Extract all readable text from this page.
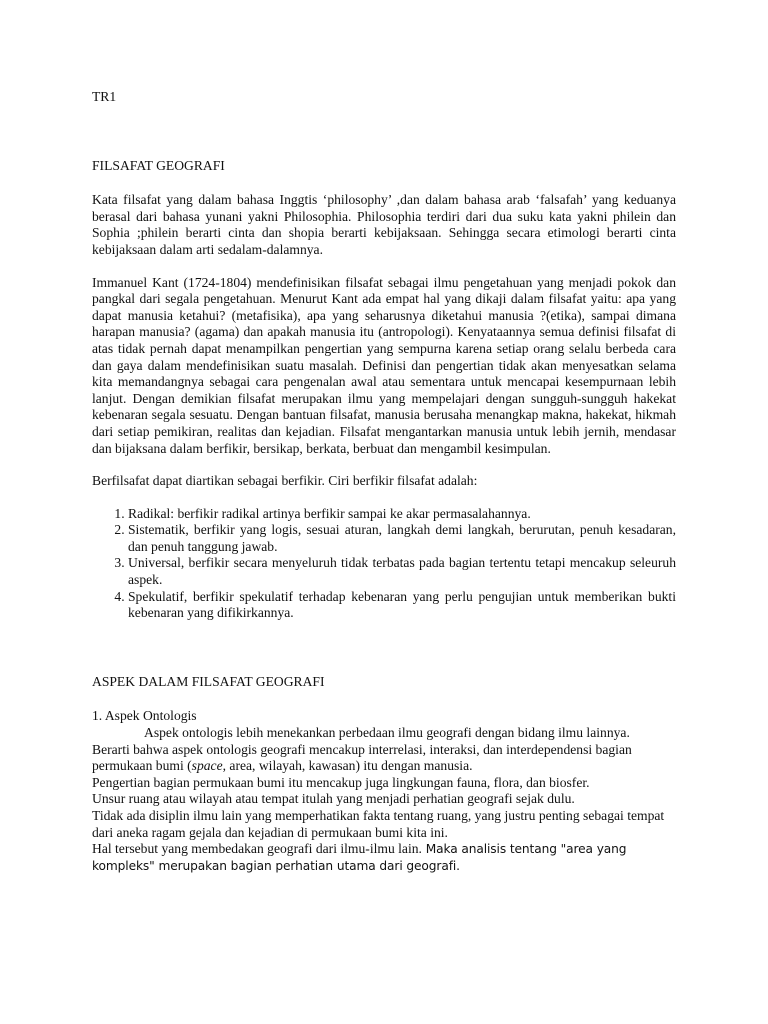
TR1

FILSAFAT GEOGRAFI

Kata filsafat yang dalam bahasa Inggtis ‘philosophy’ ,dan dalam bahasa arab ‘falsafah’ yang keduanya berasal dari bahasa yunani yakni Philosophia. Philosophia terdiri dari dua suku kata yakni philein dan Sophia ;philein berarti cinta dan shopia berarti kebijaksaan. Sehingga secara etimologi berarti cinta kebijaksaan dalam arti sedalam-dalamnya.

Immanuel Kant (1724-1804) mendefinisikan filsafat sebagai ilmu pengetahuan yang menjadi pokok dan pangkal dari segala pengetahuan. Menurut Kant ada empat hal yang dikaji dalam filsafat yaitu: apa yang dapat manusia ketahui? (metafisika), apa yang seharusnya diketahui manusia ?(etika), sampai dimana harapan manusia? (agama) dan apakah manusia itu (antropologi). Kenyataannya semua definisi filsafat di atas tidak pernah dapat menampilkan pengertian yang sempurna karena setiap orang selalu berbeda cara dan gaya dalam mendefinisikan suatu masalah. Definisi dan pengertian tidak akan menyesatkan selama kita memandangnya sebagai cara pengenalan awal atau sementara untuk mencapai kesempurnaan lebih lanjut. Dengan demikian filsafat merupakan ilmu yang mempelajari dengan sungguh-sungguh hakekat kebenaran segala sesuatu. Dengan bantuan filsafat, manusia berusaha menangkap makna, hakekat, hikmah dari setiap pemikiran, realitas dan kejadian. Filsafat mengantarkan manusia untuk lebih jernih, mendasar dan bijaksana dalam berfikir, bersikap, berkata, berbuat dan mengambil kesimpulan.

Berfilsafat dapat diartikan sebagai berfikir. Ciri berfikir filsafat adalah:

1. Radikal: berfikir radikal artinya berfikir sampai ke akar permasalahannya.
2. Sistematik, berfikir yang logis, sesuai aturan, langkah demi langkah, berurutan, penuh kesadaran, dan penuh tanggung jawab.
3. Universal, berfikir secara menyeluruh tidak terbatas pada bagian tertentu tetapi mencakup seleuruh aspek.
4. Spekulatif, berfikir spekulatif terhadap kebenaran yang perlu pengujian untuk memberikan bukti kebenaran yang difikirkannya.

ASPEK DALAM FILSAFAT GEOGRAFI

1. Aspek Ontologis

Aspek ontologis lebih menekankan perbedaan ilmu geografi dengan bidang ilmu lainnya.

Berarti bahwa aspek ontologis geografi mencakup interrelasi, interaksi, dan interdependensi bagian permukaan bumi (space, area, wilayah, kawasan) itu dengan manusia.

Pengertian bagian permukaan bumi itu mencakup juga lingkungan fauna, flora, dan biosfer.

Unsur ruang atau wilayah atau tempat itulah yang menjadi perhatian geografi sejak dulu.

Tidak ada disiplin ilmu lain yang memperhatikan fakta tentang ruang, yang justru penting sebagai tempat dari aneka ragam gejala dan kejadian di permukaan bumi kita ini.

Hal tersebut yang membedakan geografi dari ilmu-ilmu lain. Maka analisis tentang "area yang kompleks" merupakan bagian perhatian utama dari geografi.
